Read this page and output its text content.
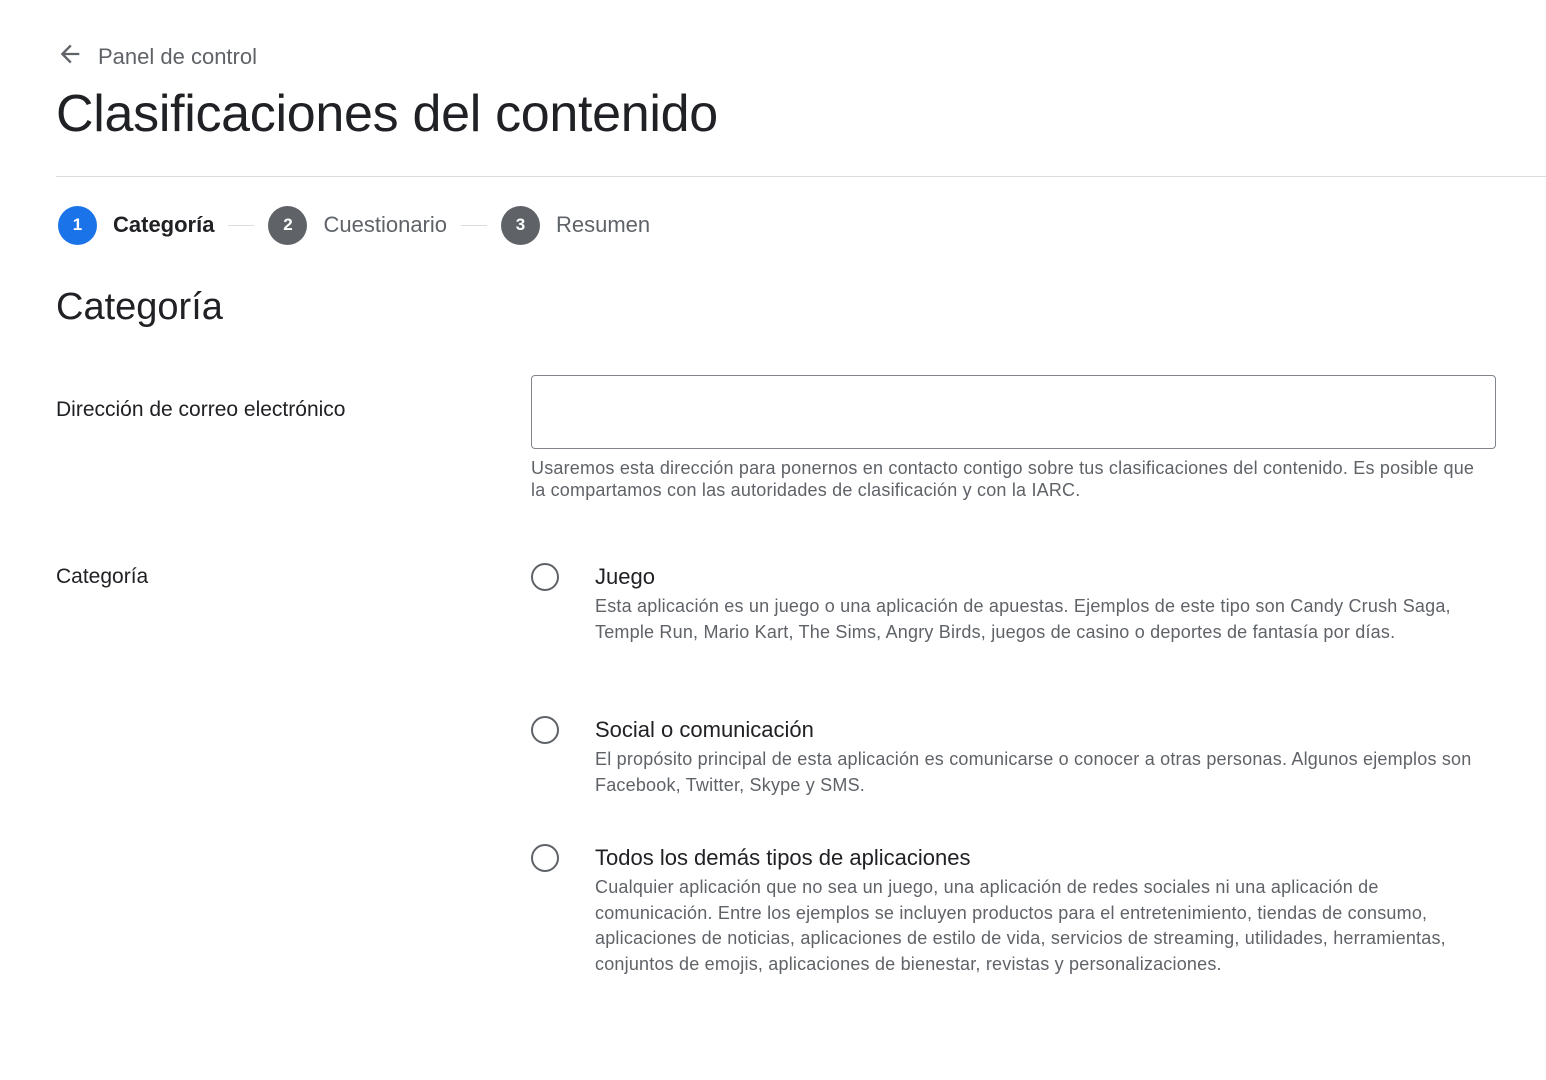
Panel de control
Clasificaciones del contenido
1	Categoría	2	Cuestionario	3	Resumen
Categoría
Dirección de correo electrónico
Usaremos esta dirección para ponernos en contacto contigo sobre tus clasificaciones del contenido. Es posible que la compartamos con las autoridades de clasificación y con la IARC.
Categoría	Juego
Esta aplicación es un juego o una aplicación de apuestas. Ejemplos de este tipo son Candy Crush Saga, Temple Run, Mario Kart, The Sims, Angry Birds, juegos de casino o deportes de fantasía por días.
Social o comunicación
El propósito principal de esta aplicación es comunicarse o conocer a otras personas. Algunos ejemplos son Facebook, Twitter, Skype y SMS.
Todos los demás tipos de aplicaciones
Cualquier aplicación que no sea un juego, una aplicación de redes sociales ni una aplicación de comunicación. Entre los ejemplos se incluyen productos para el entretenimiento, tiendas de consumo, aplicaciones de noticias, aplicaciones de estilo de vida, servicios de streaming, utilidades, herramientas, conjuntos de emojis, aplicaciones de bienestar, revistas y personalizaciones.
